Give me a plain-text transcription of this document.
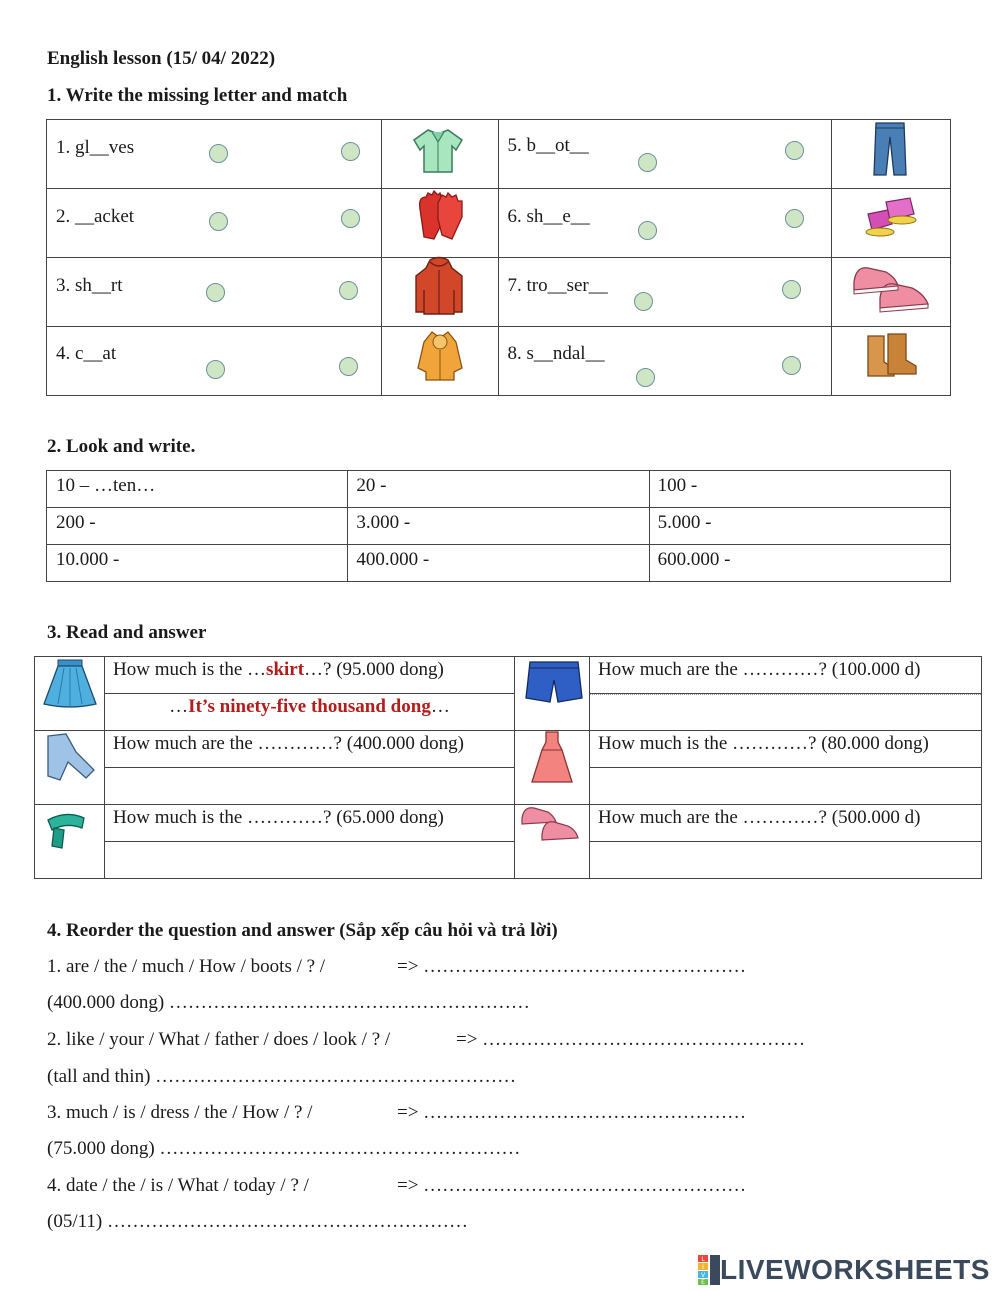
English lesson (15/ 04/ 2022)
1. Write the missing letter and match
1. gl__ves		5. b__ot__	

2. __acket		6. sh__e__	

3. sh__rt		7. tro__ser__	

4. c__at		8. s__ndal__	

2. Look and write.
10 – …ten…	20 -	100 -

200 -	3.000 -	5.000 -

10.000 -	400.000 -	600.000 -
3. Read and answer

	How much is the …skirt…? (95.000 dong)		How much are the …………? (100.000 d)

	…It’s ninety-five thousand dong…		

	How much are the …………? (400.000 dong)		How much is the …………? (80.000 dong)

	How much is the …………? (65.000 dong)		How much are the …………? (500.000 d)

4. Reorder the question and answer (Sắp xếp câu hỏi và trả lời)
1. are / the / much / How / boots / ? /	=> ……………………………………………
(400.000 dong) …………………………………………………
2. like / your / What / father / does / look / ? /	=> ……………………………………………
(tall and thin) …………………………………………………
3. much / is / dress / the / How / ? /	=> ……………………………………………
(75.000 dong) …………………………………………………
4. date / the / is / What / today / ? /	=> ……………………………………………
(05/11) …………………………………………………
L
I
V
E LIVEWORKSHEETS
